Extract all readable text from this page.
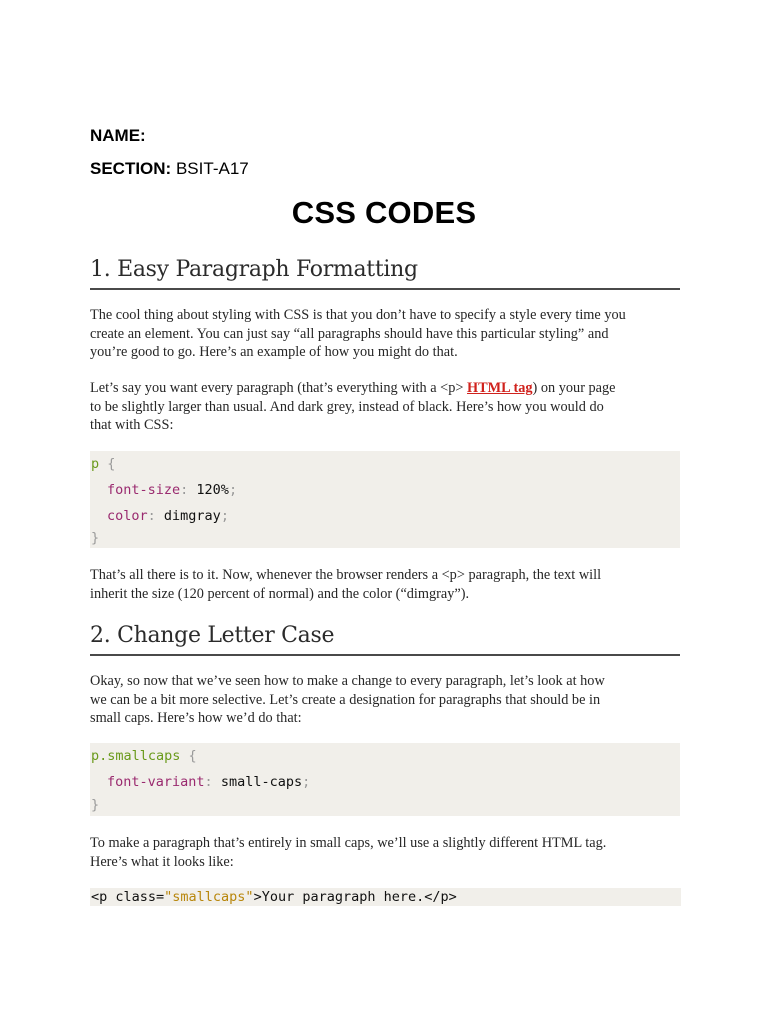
NAME:
SECTION: BSIT-A17
CSS CODES
1. Easy Paragraph Formatting

The cool thing about styling with CSS is that you don’t have to specify a style every time you

create an element. You can just say “all paragraphs should have this particular styling” and

you’re good to go. Here’s an example of how you might do that.

Let’s say you want every paragraph (that’s everything with a <p> HTML tag) on your page

to be slightly larger than usual. And dark grey, instead of black. Here’s how you would do

that with CSS:

p {
font-size: 120%;
color: dimgray;
}

That’s all there is to it. Now, whenever the browser renders a <p> paragraph, the text will

inherit the size (120 percent of normal) and the color (“dimgray”).

2. Change Letter Case

Okay, so now that we’ve seen how to make a change to every paragraph, let’s look at how

we can be a bit more selective. Let’s create a designation for paragraphs that should be in

small caps. Here’s how we’d do that:

p.smallcaps {
font-variant: small-caps;
}

To make a paragraph that’s entirely in small caps, we’ll use a slightly different HTML tag.

Here’s what it looks like:

<p class="smallcaps">Your paragraph here.</p>
